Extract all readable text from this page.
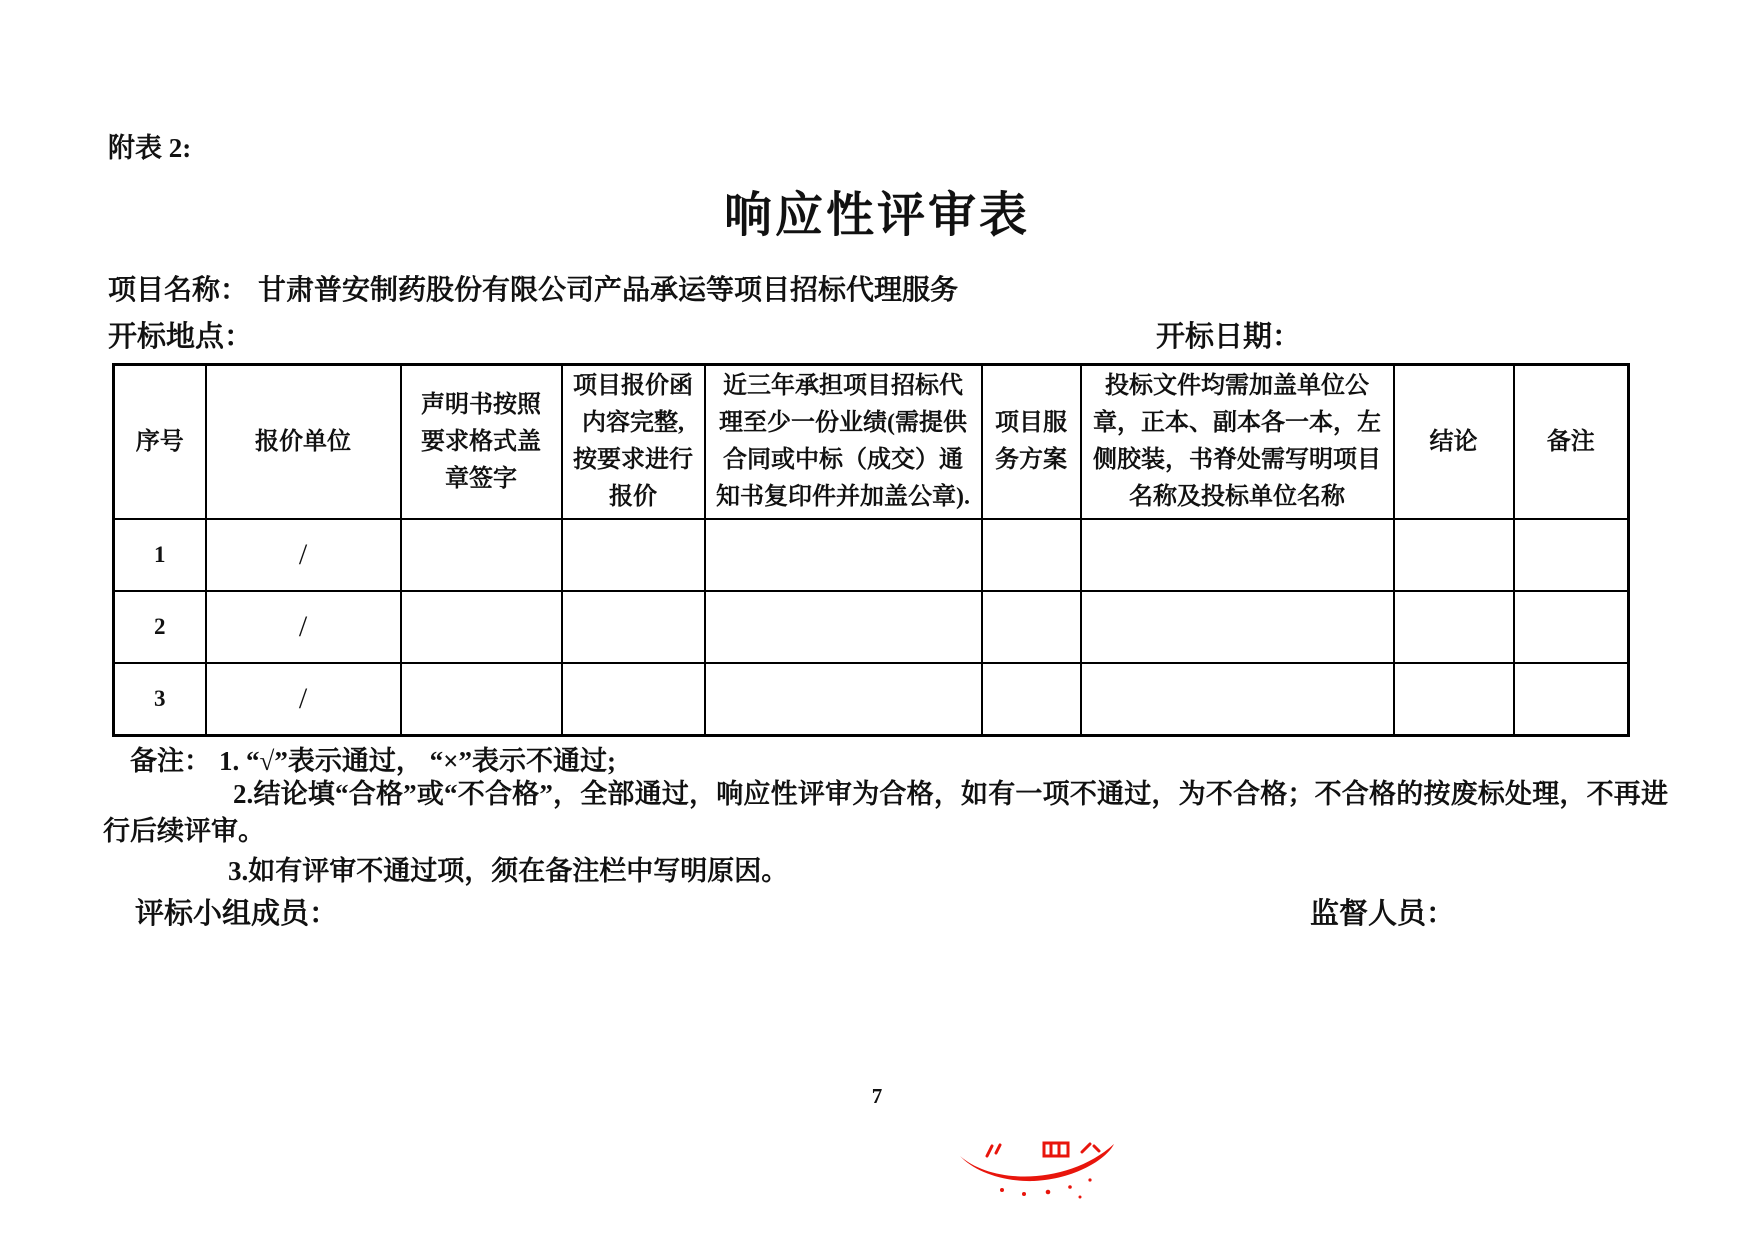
附表 2:
响应性评审表
项目名称： 甘肃普安制药股份有限公司产品承运等项目招标代理服务
开标地点：	开标日期：
序号	报价单位	声明书按照要求格式盖章签字	项目报价函内容完整,按要求进行报价	近三年承担项目招标代理至少一份业绩(需提供合同或中标（成交）通知书复印件并加盖公章).	项目服务方案	投标文件均需加盖单位公章，正本、副本各一本，左侧胶装，书脊处需写明项目名称及投标单位名称	结论	备注
1	/							
2	/							
3	/							
备注： 1. “√”表示通过， “×”表示不通过;
2.结论填“合格”或“不合格”，全部通过，响应性评审为合格，如有一项不通过，为不合格；不合格的按废标处理，不再进行后续评审。
3.如有评审不通过项，须在备注栏中写明原因。
评标小组成员：	监督人员：
7
